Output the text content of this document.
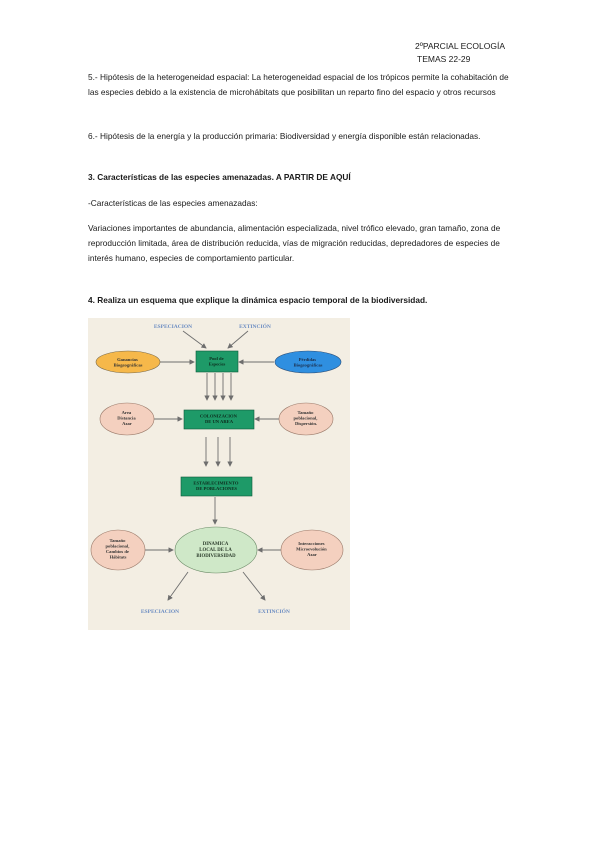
2ºPARCIAL ECOLOGÍA
TEMAS 22-29
5.- Hipótesis de la heterogeneidad espacial: La heterogeneidad espacial de los trópicos permite la cohabitación de las especies debido a la existencia de microhábitats que posibilitan un reparto fino del espacio y otros recursos
6.- Hipótesis de la energía y la producción primaria: Biodiversidad y energía disponible están relacionadas.
3. Características de las especies amenazadas. A PARTIR DE AQUÍ
-Características de las especies amenazadas:
Variaciones importantes de abundancia, alimentación especializada, nivel trófico elevado, gran tamaño, zona de reproducción limitada, área de distribución reducida, vías de migración reducidas, depredadores de especies de interés humano, especies de comportamiento particular.
4. Realiza un esquema que explique la dinámica espacio temporal de la biodiversidad.
ESPECIACION	EXTINCIÓN
Ganancias Biogeográficas
Pool de Especies
Pérdidas Biogeográficas
Area Distancia Azar
COLONIZACION DE UN AREA
Tamaño poblacional, Dispersión.
ESTABLECIMIENTO DE POBLACIONES
Tamaño poblacional, Cambios de Hábitats
DINAMICA LOCAL DE LA BIODIVERSIDAD
Interacciones Microevolución Azar
ESPECIACION	EXTINCIÓN
